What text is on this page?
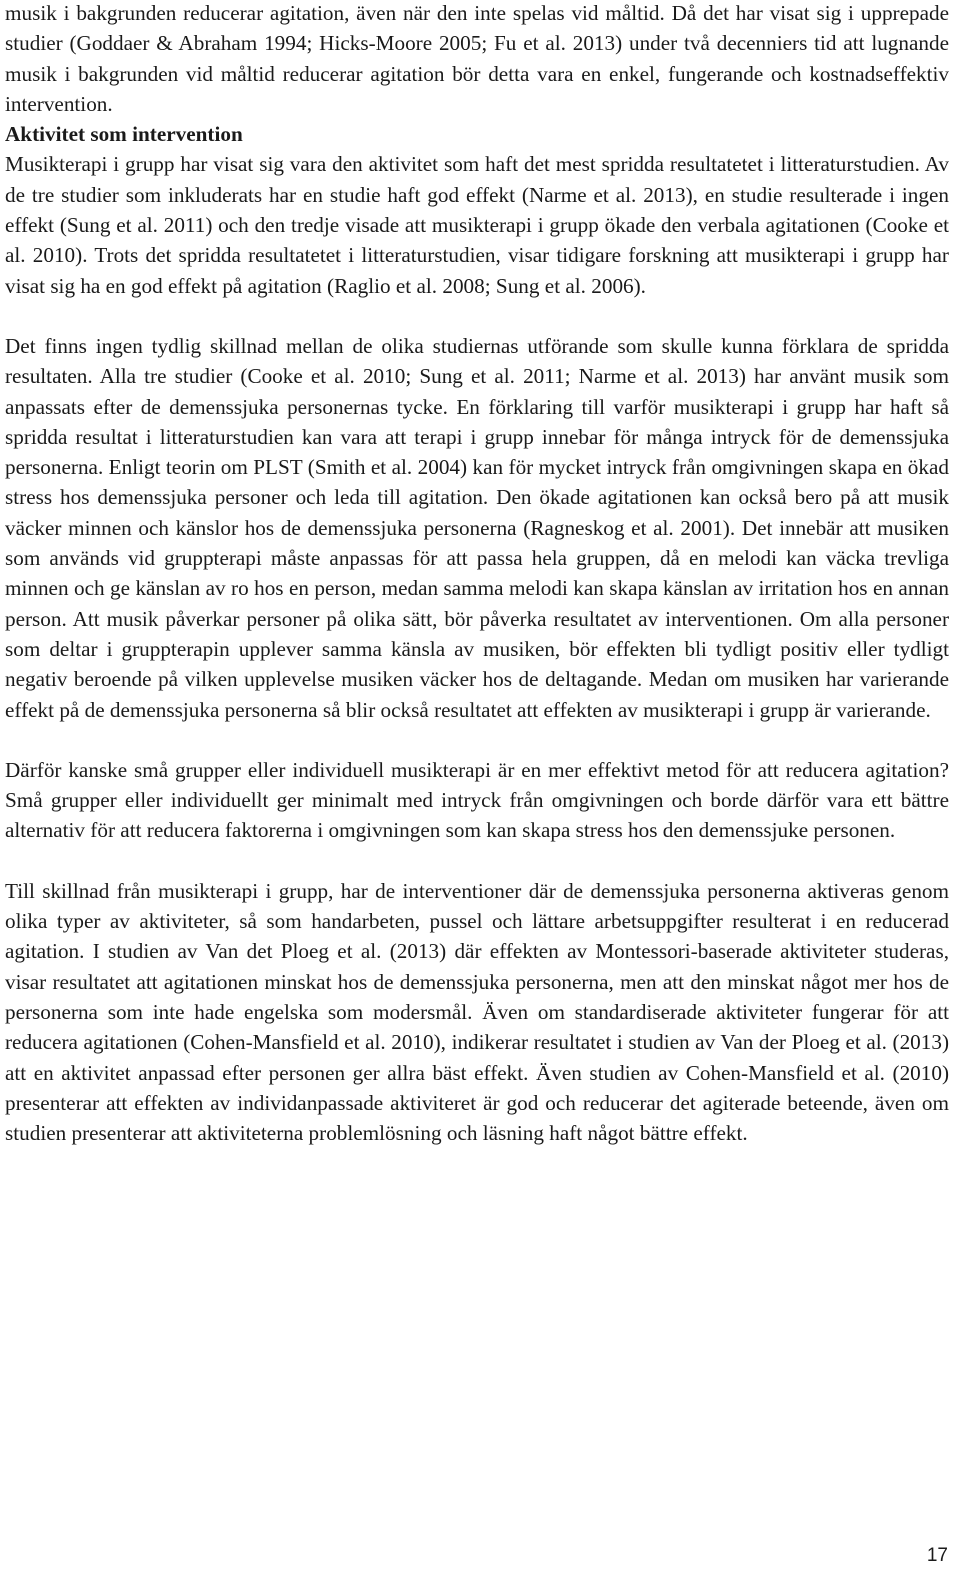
musik i bakgrunden reducerar agitation, även när den inte spelas vid måltid. Då det har visat sig i upprepade studier (Goddaer & Abraham 1994; Hicks-Moore 2005; Fu et al. 2013) under två decenniers tid att lugnande musik i bakgrunden vid måltid reducerar agitation bör detta vara en enkel, fungerande och kostnadseffektiv intervention.

Aktivitet som intervention

Musikterapi i grupp har visat sig vara den aktivitet som haft det mest spridda resultatetet i litteraturstudien. Av de tre studier som inkluderats har en studie haft god effekt (Narme et al. 2013), en studie resulterade i ingen effekt (Sung et al. 2011) och den tredje visade att musikterapi i grupp ökade den verbala agitationen (Cooke et al. 2010). Trots det spridda resultatetet i litteraturstudien, visar tidigare forskning att musikterapi i grupp har visat sig ha en god effekt på agitation (Raglio et al. 2008; Sung et al. 2006).

Det finns ingen tydlig skillnad mellan de olika studiernas utförande som skulle kunna förklara de spridda resultaten. Alla tre studier (Cooke et al. 2010; Sung et al. 2011; Narme et al. 2013) har använt musik som anpassats efter de demenssjuka personernas tycke. En förklaring till varför musikterapi i grupp har haft så spridda resultat i litteraturstudien kan vara att terapi i grupp innebar för många intryck för de demenssjuka personerna. Enligt teorin om PLST (Smith et al. 2004) kan för mycket intryck från omgivningen skapa en ökad stress hos demenssjuka personer och leda till agitation. Den ökade agitationen kan också bero på att musik väcker minnen och känslor hos de demenssjuka personerna (Ragneskog et al. 2001). Det innebär att musiken som används vid gruppterapi måste anpassas för att passa hela gruppen, då en melodi kan väcka trevliga minnen och ge känslan av ro hos en person, medan samma melodi kan skapa känslan av irritation hos en annan person. Att musik påverkar personer på olika sätt, bör påverka resultatet av interventionen. Om alla personer som deltar i gruppterapin upplever samma känsla av musiken, bör effekten bli tydligt positiv eller tydligt negativ beroende på vilken upplevelse musiken väcker hos de deltagande. Medan om musiken har varierande effekt på de demenssjuka personerna så blir också resultatet att effekten av musikterapi i grupp är varierande.

Därför kanske små grupper eller individuell musikterapi är en mer effektivt metod för att reducera agitation? Små grupper eller individuellt ger minimalt med intryck från omgivningen och borde därför vara ett bättre alternativ för att reducera faktorerna i omgivningen som kan skapa stress hos den demenssjuke personen.

Till skillnad från musikterapi i grupp, har de interventioner där de demenssjuka personerna aktiveras genom olika typer av aktiviteter, så som handarbeten, pussel och lättare arbetsuppgifter resulterat i en reducerad agitation. I studien av Van det Ploeg et al. (2013) där effekten av Montessori-baserade aktiviteter studeras, visar resultatet att agitationen minskat hos de demenssjuka personerna, men att den minskat något mer hos de personerna som inte hade engelska som modersmål. Även om standardiserade aktiviteter fungerar för att reducera agitationen (Cohen-Mansfield et al. 2010), indikerar resultatet i studien av Van der Ploeg et al. (2013) att en aktivitet anpassad efter personen ger allra bäst effekt. Även studien av Cohen-Mansfield et al. (2010) presenterar att effekten av individanpassade aktiviteret är god och reducerar det agiterade beteende, även om studien presenterar att aktiviteterna problemlösning och läsning haft något bättre effekt.

17
